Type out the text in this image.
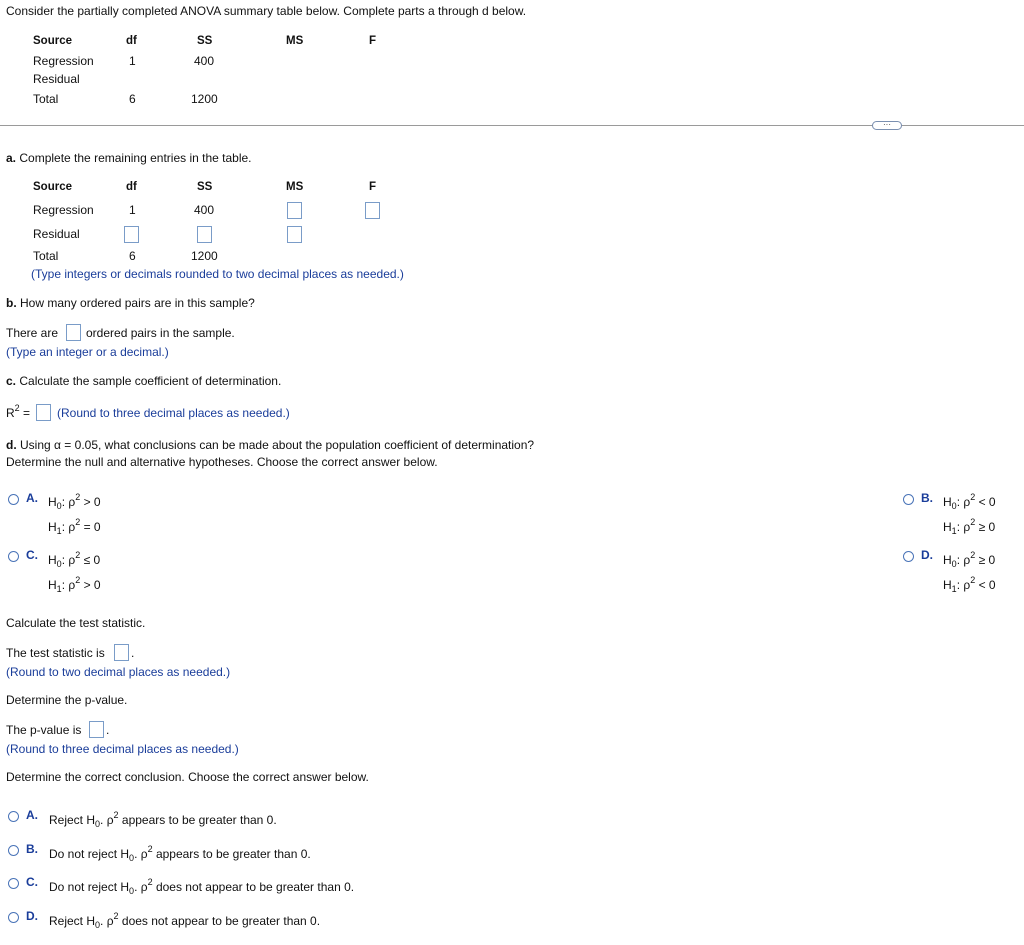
Consider the partially completed ANOVA summary table below. Complete parts a through d below.
Source	df	SS	MS	F
Regression	1	400
Residual
Total	6	1200
···
a. Complete the remaining entries in the table.
Source	df	SS	MS	F
Regression	1	400
Residual
Total	6	1200
(Type integers or decimals rounded to two decimal places as needed.)
b. How many ordered pairs are in this sample?
There are ordered pairs in the sample.
(Type an integer or a decimal.)
c. Calculate the sample coefficient of determination.
$R^2$ = (Round to three decimal places as needed.)
d. Using α = 0.05, what conclusions can be made about the population coefficient of determination?
Determine the null and alternative hypotheses. Choose the correct answer below.
A. $H_0$: $\rho^2 > 0$
$H_1$: $\rho^2 = 0$
B. $H_0$: $\rho^2 < 0$
$H_1$: $\rho^2 \ge 0$
C. $H_0$: $\rho^2 \le 0$
$H_1$: $\rho^2 > 0$
D. $H_0$: $\rho^2 \ge 0$
$H_1$: $\rho^2 < 0$
Calculate the test statistic.
The test statistic is .
(Round to two decimal places as needed.)
Determine the p-value.
The p-value is .
(Round to three decimal places as needed.)
Determine the correct conclusion. Choose the correct answer below.
A. Reject $H_0$. $\rho^2$ appears to be greater than 0.
B. Do not reject $H_0$. $\rho^2$ appears to be greater than 0.
C. Do not reject $H_0$. $\rho^2$ does not appear to be greater than 0.
D. Reject $H_0$. $\rho^2$ does not appear to be greater than 0.
